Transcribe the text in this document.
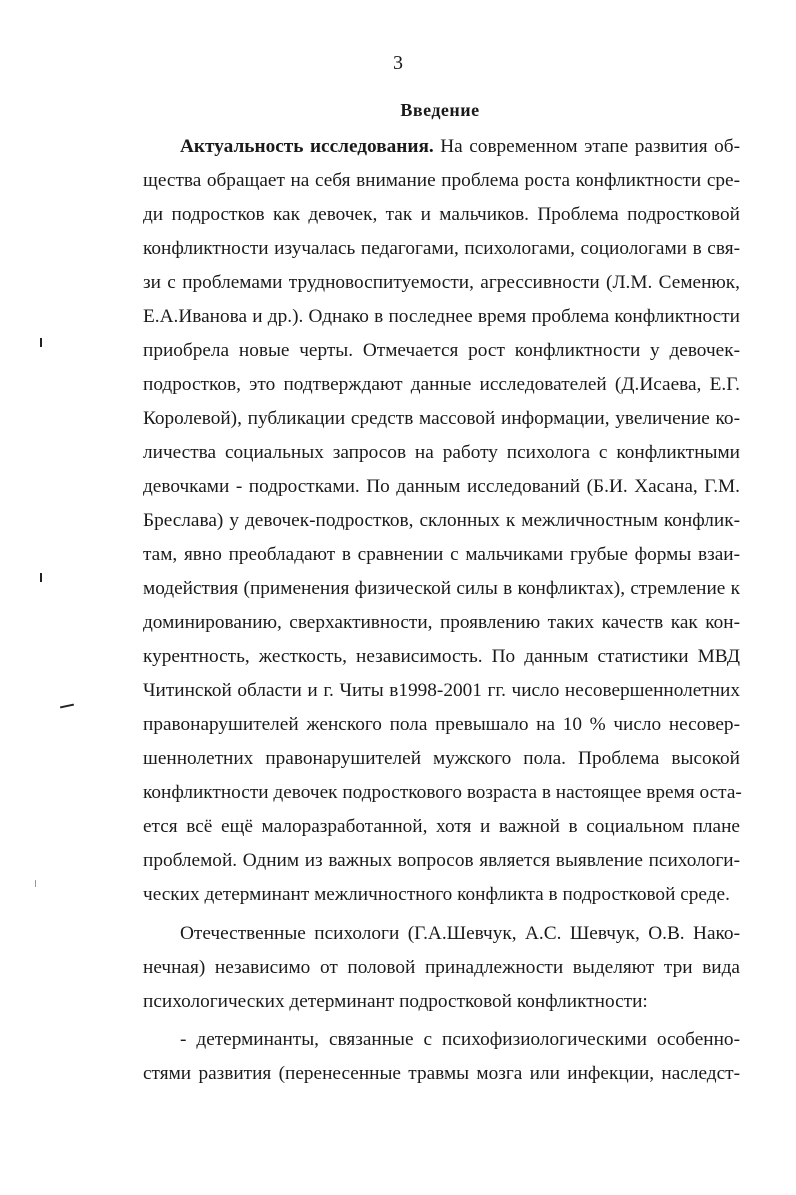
3
Введение
Актуальность исследования. На современном этапе развития об-
щества обращает на себя внимание проблема роста конфликтности сре-
ди подростков как девочек, так и мальчиков. Проблема подростковой
конфликтности изучалась педагогами, психологами, социологами в свя-
зи с проблемами трудновоспитуемости, агрессивности (Л.М. Семенюк,
Е.А.Иванова и др.). Однако в последнее время проблема конфликтности
приобрела новые черты. Отмечается рост конфликтности у девочек-
подростков, это подтверждают данные исследователей (Д.Исаева, Е.Г.
Королевой), публикации средств массовой информации, увеличение ко-
личества социальных запросов на работу психолога с конфликтными
девочками - подростками. По данным исследований (Б.И. Хасана, Г.М.
Бреслава) у девочек-подростков, склонных к межличностным конфлик-
там, явно преобладают в сравнении с мальчиками грубые формы взаи-
модействия (применения физической силы в конфликтах), стремление к
доминированию, сверхактивности, проявлению таких качеств как кон-
курентность, жесткость, независимость. По данным статистики МВД
Читинской области и г. Читы в1998-2001 гг. число несовершеннолетних
правонарушителей женского пола превышало на 10 % число несовер-
шеннолетних правонарушителей мужского пола. Проблема высокой
конфликтности девочек подросткового возраста в настоящее время оста-
ется всё ещё малоразработанной, хотя и важной в социальном плане
проблемой. Одним из важных вопросов является выявление психологи-
ческих детерминант межличностного конфликта в подростковой среде.
Отечественные психологи (Г.А.Шевчук, А.С. Шевчук, О.В. Нако-
нечная) независимо от половой принадлежности выделяют три вида
психологических детерминант подростковой конфликтности:
- детерминанты, связанные с психофизиологическими особенно-
стями развития (перенесенные травмы мозга или инфекции, наследст-
